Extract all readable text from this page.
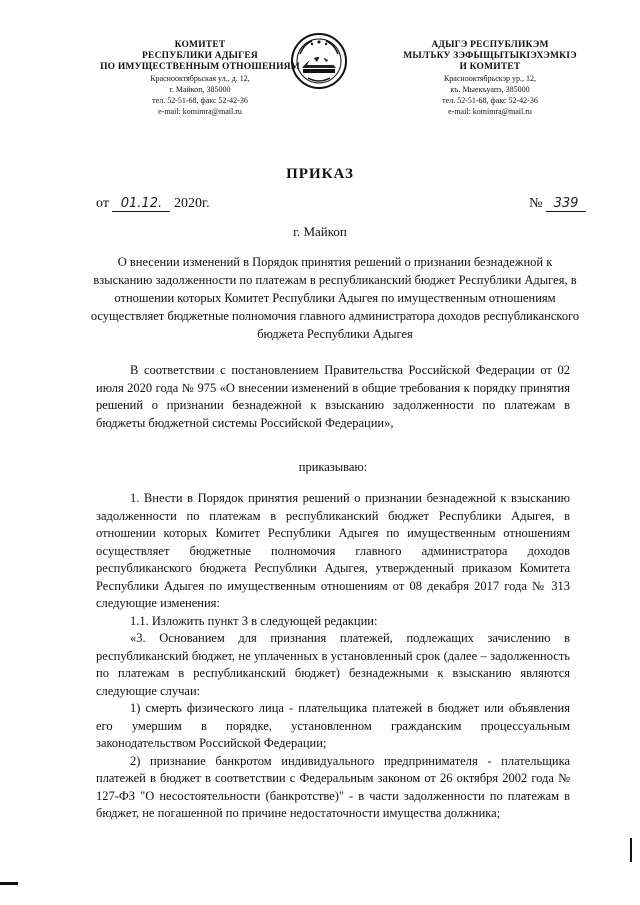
КОМИТЕТ
РЕСПУБЛИКИ АДЫГЕЯ
ПО ИМУЩЕСТВЕННЫМ ОТНОШЕНИЯМ
Краснооктябрьская ул., д. 12,
г. Майкоп, 385000
тел. 52-51-68, факс 52-42-36
e-mail: komimra@mail.ru
АДЫГЭ РЕСПУБЛИКЭМ
МЫЛЪКУ ЗЭФЫЩЫТЫКІЭХЭМКІЭ
И КОМИТЕТ
Краснооктябрьскэр ур., 12,
къ. Мыекъуапэ, 385000
тел. 52-51-68, факс 52-42-36
e-mail: komimra@mail.ru
ПРИКАЗ
от 01.12. 2020г.	№ 339
г. Майкоп
О внесении изменений в Порядок принятия решений о признании безнадежной к взысканию задолженности по платежам в республиканский бюджет Республики Адыгея, в отношении которых Комитет Республики Адыгея по имущественным отношениям осуществляет бюджетные полномочия главного администратора доходов республиканского бюджета Республики Адыгея

В соответствии с постановлением Правительства Российской Федерации от 02 июля 2020 года № 975 «О внесении изменений в общие требования к порядку принятия решений о признании безнадежной к взысканию задолженности по платежам в бюджеты бюджетной системы Российской Федерации»,

приказываю:

1. Внести в Порядок принятия решений о признании безнадежной к взысканию задолженности по платежам в республиканский бюджет Республики Адыгея, в отношении которых Комитет Республики Адыгея по имущественным отношениям осуществляет бюджетные полномочия главного администратора доходов республиканского бюджета Республики Адыгея, утвержденный приказом Комитета Республики Адыгея по имущественным отношениям от 08 декабря 2017 года № 313 следующие изменения:

1.1. Изложить пункт 3 в следующей редакции:

«3. Основанием для признания платежей, подлежащих зачислению в республиканский бюджет, не уплаченных в установленный срок (далее – задолженность по платежам в республиканский бюджет) безнадежными к взысканию являются следующие случаи:

1) смерть физического лица - плательщика платежей в бюджет или объявления его умершим в порядке, установленном гражданским процессуальным законодательством Российской Федерации;

2) признание банкротом индивидуального предпринимателя - плательщика платежей в бюджет в соответствии с Федеральным законом от 26 октября 2002 года № 127-ФЗ "О несостоятельности (банкротстве)" - в части задолженности по платежам в бюджет, не погашенной по причине недостаточности имущества должника;
